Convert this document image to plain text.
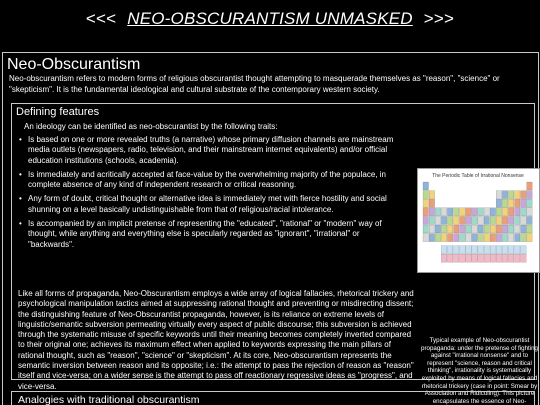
<<< NEO-OBSCURANTISM UNMASKED >>>
Neo-Obscurantism
Neo-obscurantism refers to modern forms of religious obscurantist thought attempting to masquerade themselves as "reason", "science" or "skepticism". It is the fundamental ideological and cultural substrate of the contemporary western society.
Defining features
An ideology can be identified as neo-obscurantist by the following traits:
• Is based on one or more revealed truths (a narrative) whose primary diffusion channels are mainstream media outlets (newspapers, radio, television, and their mainstream internet equivalents) and/or official education institutions (schools, academia).
• Is immediately and acritically accepted at face-value by the overwhelming majority of the populace, in complete absence of any kind of independent research or critical reasoning.
• Any form of doubt, critical thought or alternative idea is immediately met with fierce hostility and social shunning on a level basically undistinguishable from that of religious/racial intolerance.
• Is accompanied by an implicit pretense of representing the "educated", "rational" or "modern" way of thought, while anything and everything else is specularly regarded as "ignorant", "irrational" or "backwards".
Like all forms of propaganda, Neo-Obscurantism employs a wide array of logical fallacies, rhetorical trickery and psychological manipulation tactics aimed at suppressing rational thought and preventing or misdirecting dissent; the distinguishing feature of Neo-Obscurantist propaganda, however, is its reliance on extreme levels of linguistic/semantic subversion permeating virtually every aspect of public discourse; this subversion is achieved through the systematic misuse of specific keywords until their meaning becomes completely inverted compared to their original one; achieves its maximum effect when applied to keywords expressing the main pillars of rational thought, such as "reason", "science" or "skepticism". At its core, Neo-obscurantism represents the semantic inversion between reason and its opposite; i.e.: the attempt to pass the rejection of reason as "reason" itself and vice-versa; on a wider sense is the attempt to pass off reactionary regressive ideas as "progress", and vice-versa.
The Periodic Table of Irrational Nonsense
Typical example of Neo-obscurantist propaganda: under the pretense of fighting against "irrational nonsense" and to represent "science, reason and critical thinking", irrationality is systematically exploited by means of logical fallacies and rhetorical trickery (case in point: Smear by Association and Ridiculing). This picture encapsulates the essence of Neo-
Analogies with traditional obscurantism
